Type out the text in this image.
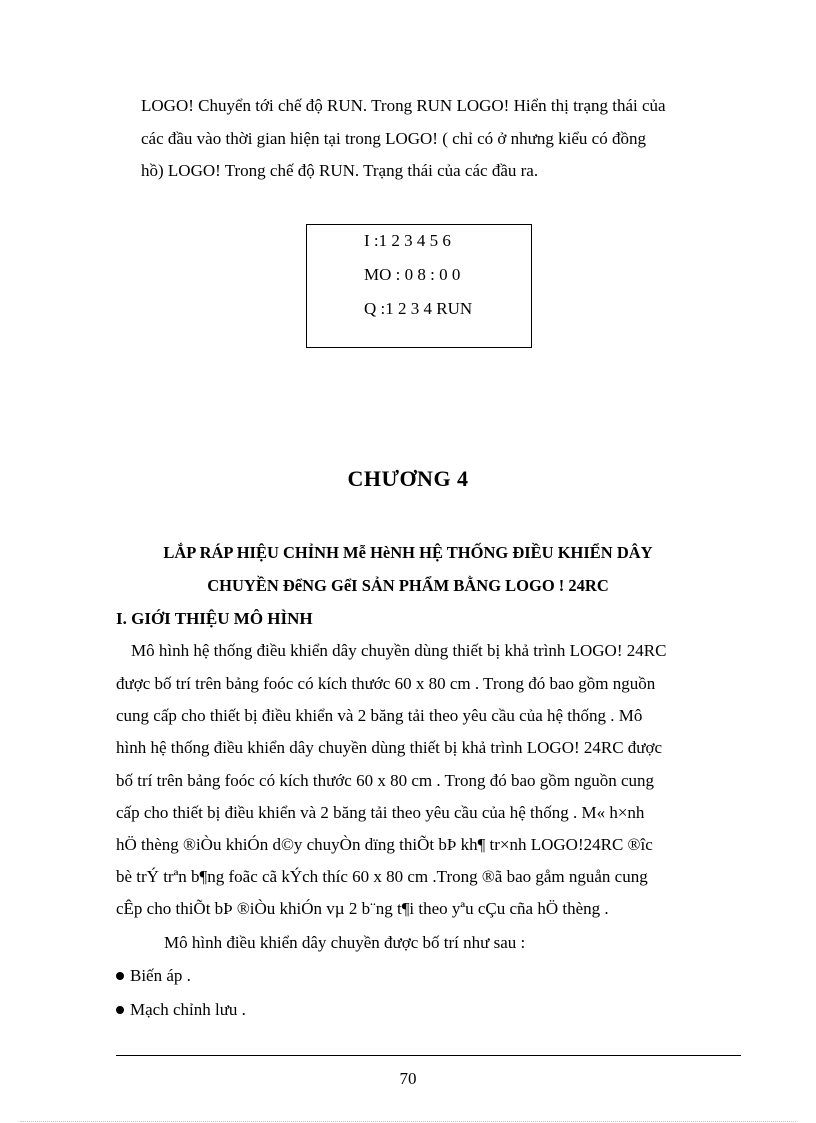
LOGO! Chuyển tới chế độ RUN. Trong RUN LOGO! Hiển thị trạng thái của
các đầu vào thời gian hiện tại trong LOGO! ( chỉ có ở nhưng kiểu có đồng
hồ) LOGO! Trong chế độ RUN. Trạng thái của các đầu ra.
I :1 2 3 4 5 6
MO : 0 8 : 0 0
Q :1 2 3 4 RUN
CHƯƠNG 4
LẮP RÁP HIỆU CHỈNH Mễ HèNH HỆ THỐNG ĐIỀU KHIỂN DÂY
CHUYỀN ĐểNG GểI SẢN PHẨM BẰNG LOGO ! 24RC
I. GIỚI THIỆU MÔ HÌNH
Mô hình hệ thống điều khiển dây chuyền dùng thiết bị khả trình LOGO! 24RC
được bố trí trên bảng foóc có kích thước 60 x 80 cm . Trong đó bao gồm nguồn
cung cấp cho thiết bị điều khiển và 2 băng tải theo yêu cầu của hệ thống . Mô
hình hệ thống điều khiển dây chuyền dùng thiết bị khả trình LOGO! 24RC được
bố trí trên bảng foóc có kích thước 60 x 80 cm . Trong đó bao gồm nguồn cung
cấp cho thiết bị điều khiển và 2 băng tải theo yêu cầu của hệ thống . M« h×nh
hÖ thèng ®iÒu khiÓn d©y chuyÒn dïng thiÕt bÞ kh¶ tr×nh LOGO!24RC ®îc
bè trÝ trªn b¶ng foãc cã kÝch thíc 60 x 80 cm .Trong ®ã bao gåm nguån cung
cÊp cho thiÕt bÞ ®iÒu khiÓn vµ 2 b¨ng t¶i theo yªu cÇu cña hÖ thèng .
Mô hình điều khiển dây chuyền được bố trí như sau :
Biến áp .
Mạch chỉnh lưu .
70
